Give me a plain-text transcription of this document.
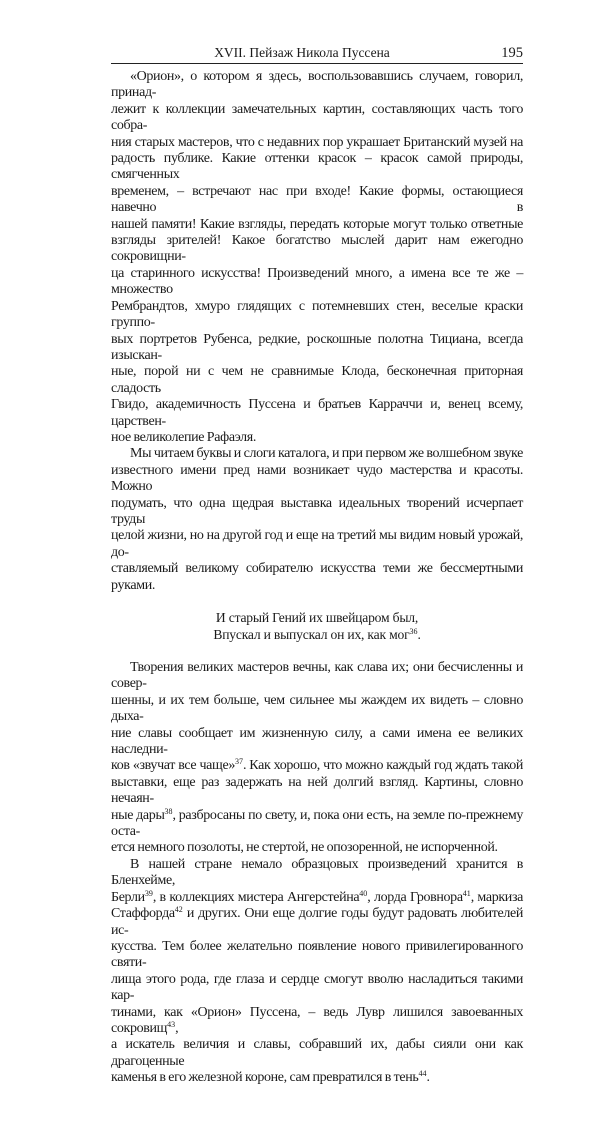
XVII. Пейзаж Никола Пуссена	195
«Орион», о котором я здесь, воспользовавшись случаем, говорил, принад-
лежит к коллекции замечательных картин, составляющих часть того собра-
ния старых мастеров, что с недавних пор украшает Британский музей на
радость публике. Какие оттенки красок – красок самой природы, смягченных
временем, – встречают нас при входе! Какие формы, остающиеся навечно в
нашей памяти! Какие взгляды, передать которые могут только ответные
взгляды зрителей! Какое богатство мыслей дарит нам ежегодно сокровищни-
ца старинного искусства! Произведений много, а имена все те же – множество
Рембрандтов, хмуро глядящих с потемневших стен, веселые краски группо-
вых портретов Рубенса, редкие, роскошные полотна Тициана, всегда изыскан-
ные, порой ни с чем не сравнимые Клода, бесконечная приторная сладость
Гвидо, академичность Пуссена и братьев Карраччи и, венец всему, царствен-
ное великолепие Рафаэля.
Мы читаем буквы и слоги каталога, и при первом же волшебном звуке
известного имени пред нами возникает чудо мастерства и красоты. Можно
подумать, что одна щедрая выставка идеальных творений исчерпает труды
целой жизни, но на другой год и еще на третий мы видим новый урожай, до-
ставляемый великому собирателю искусства теми же бессмертными руками.
И старый Гений их швейцаром был,
Впускал и выпускал он их, как мог$^{36}$.
Творения великих мастеров вечны, как слава их; они бесчисленны и совер-
шенны, и их тем больше, чем сильнее мы жаждем их видеть – словно дыха-
ние славы сообщает им жизненную силу, а сами имена ее великих наследни-
ков «звучат все чаще»$^{37}$. Как хорошо, что можно каждый год ждать такой
выставки, еще раз задержать на ней долгий взгляд. Картины, словно нечаян-
ные дары$^{38}$, разбросаны по свету, и, пока они есть, на земле по-прежнему оста-
ется немного позолоты, не стертой, не опозоренной, не испорченной.
В нашей стране немало образцовых произведений хранится в Бленхейме,
Берли$^{39}$, в коллекциях мистера Ангерстейна$^{40}$, лорда Гровнора$^{41}$, маркиза
Стаффорда$^{42}$ и других. Они еще долгие годы будут радовать любителей ис-
кусства. Тем более желательно появление нового привилегированного святи-
лища этого рода, где глаза и сердце смогут вволю насладиться такими кар-
тинами, как «Орион» Пуссена, – ведь Лувр лишился завоеванных сокровищ$^{43}$,
а искатель величия и славы, собравший их, дабы сияли они как драгоценные
каменья в его железной короне, сам превратился в тень$^{44}$.
